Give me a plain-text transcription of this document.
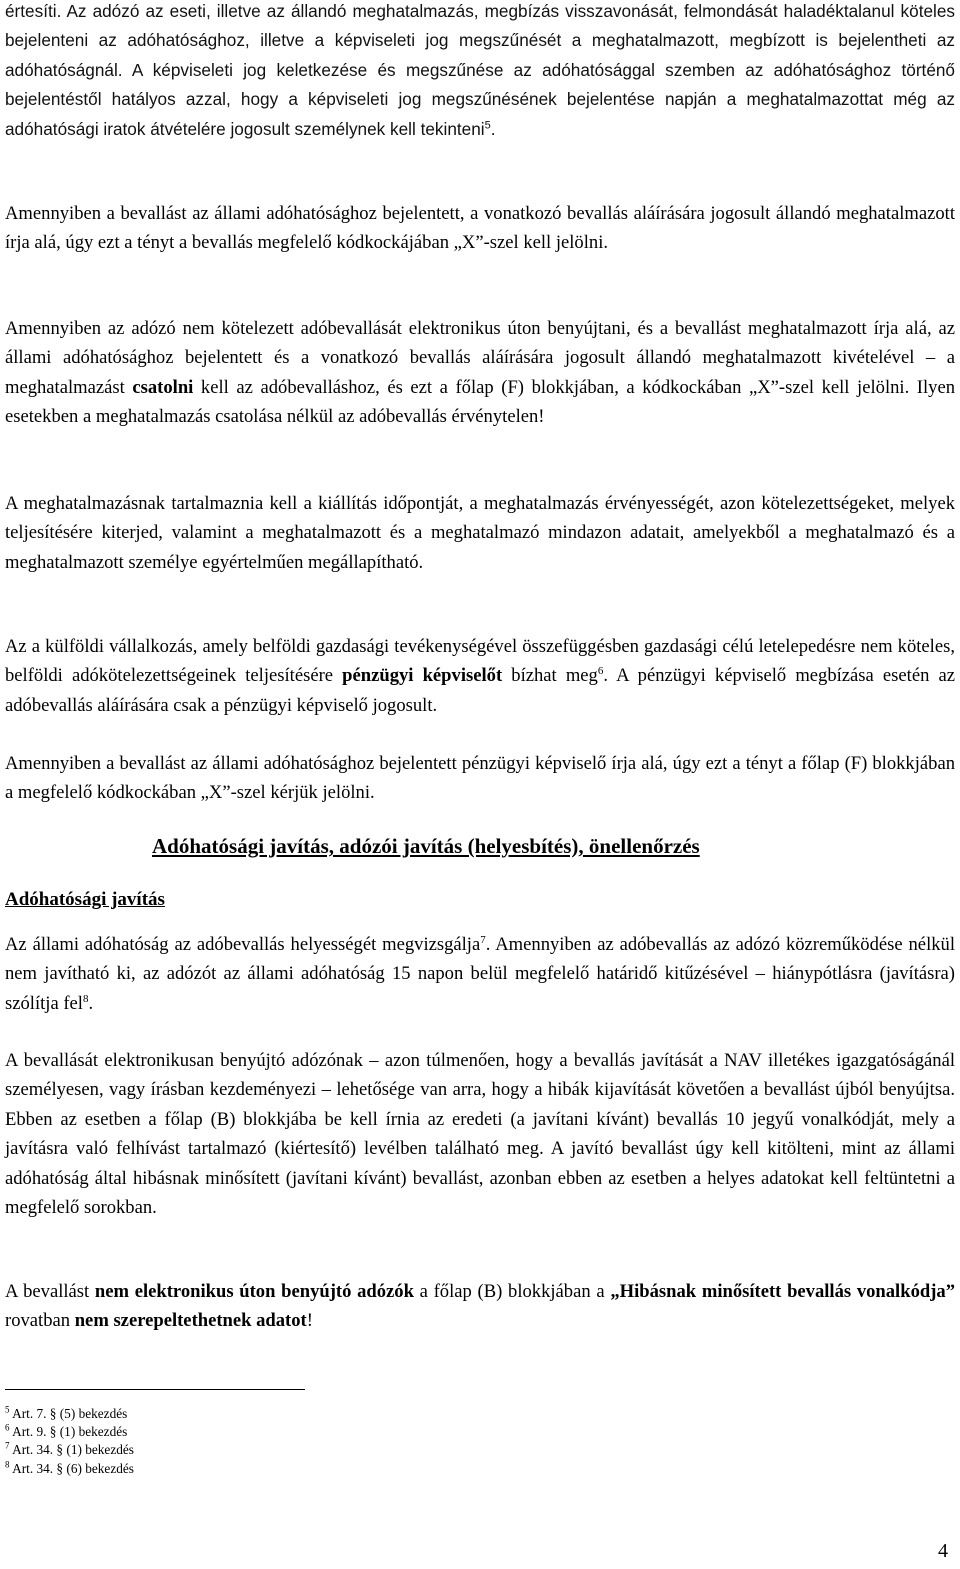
értesíti. Az adózó az eseti, illetve az állandó meghatalmazás, megbízás visszavonását, felmondását haladéktalanul köteles bejelenteni az adóhatósághoz, illetve a képviseleti jog megszűnését a meghatalmazott, megbízott is bejelentheti az adóhatóságnál. A képviseleti jog keletkezése és megszűnése az adóhatósággal szemben az adóhatósághoz történő bejelentéstől hatályos azzal, hogy a képviseleti jog megszűnésének bejelentése napján a meghatalmazottat még az adóhatósági iratok átvételére jogosult személynek kell tekinteni$^5$.

Amennyiben a bevallást az állami adóhatósághoz bejelentett, a vonatkozó bevallás aláírására jogosult állandó meghatalmazott írja alá, úgy ezt a tényt a bevallás megfelelő kódkockájában „X”-szel kell jelölni.

Amennyiben az adózó nem kötelezett adóbevallását elektronikus úton benyújtani, és a bevallást meghatalmazott írja alá, az állami adóhatósághoz bejelentett és a vonatkozó bevallás aláírására jogosult állandó meghatalmazott kivételével – a meghatalmazást csatolni kell az adóbevalláshoz, és ezt a főlap (F) blokkjában, a kódkockában „X”-szel kell jelölni. Ilyen esetekben a meghatalmazás csatolása nélkül az adóbevallás érvénytelen!

A meghatalmazásnak tartalmaznia kell a kiállítás időpontját, a meghatalmazás érvényességét, azon kötelezettségeket, melyek teljesítésére kiterjed, valamint a meghatalmazott és a meghatalmazó mindazon adatait, amelyekből a meghatalmazó és a meghatalmazott személye egyértelműen megállapítható.

Az a külföldi vállalkozás, amely belföldi gazdasági tevékenységével összefüggésben gazdasági célú letelepedésre nem köteles, belföldi adókötelezettségeinek teljesítésére pénzügyi képviselőt bízhat meg$^6$. A pénzügyi képviselő megbízása esetén az adóbevallás aláírására csak a pénzügyi képviselő jogosult.

Amennyiben a bevallást az állami adóhatósághoz bejelentett pénzügyi képviselő írja alá, úgy ezt a tényt a főlap (F) blokkjában a megfelelő kódkockában „X”-szel kérjük jelölni.

Adóhatósági javítás, adózói javítás (helyesbítés), önellenőrzés
Adóhatósági javítás

Az állami adóhatóság az adóbevallás helyességét megvizsgálja$^7$. Amennyiben az adóbevallás az adózó közreműködése nélkül nem javítható ki, az adózót az állami adóhatóság 15 napon belül megfelelő határidő kitűzésével – hiánypótlásra (javításra) szólítja fel$^8$.

A bevallását elektronikusan benyújtó adózónak – azon túlmenően, hogy a bevallás javítását a NAV illetékes igazgatóságánál személyesen, vagy írásban kezdeményezi – lehetősége van arra, hogy a hibák kijavítását követően a bevallást újból benyújtsa. Ebben az esetben a főlap (B) blokkjába be kell írnia az eredeti (a javítani kívánt) bevallás 10 jegyű vonalkódját, mely a javításra való felhívást tartalmazó (kiértesítő) levélben található meg. A javító bevallást úgy kell kitölteni, mint az állami adóhatóság által hibásnak minősített (javítani kívánt) bevallást, azonban ebben az esetben a helyes adatokat kell feltüntetni a megfelelő sorokban.

A bevallást nem elektronikus úton benyújtó adózók a főlap (B) blokkjában a „Hibásnak minősített bevallás vonalkódja” rovatban nem szerepeltethetnek adatot!

$^5$ Art. 7. § (5) bekezdés

$^6$ Art. 9. § (1) bekezdés

$^7$ Art. 34. § (1) bekezdés

$^8$ Art. 34. § (6) bekezdés

4
